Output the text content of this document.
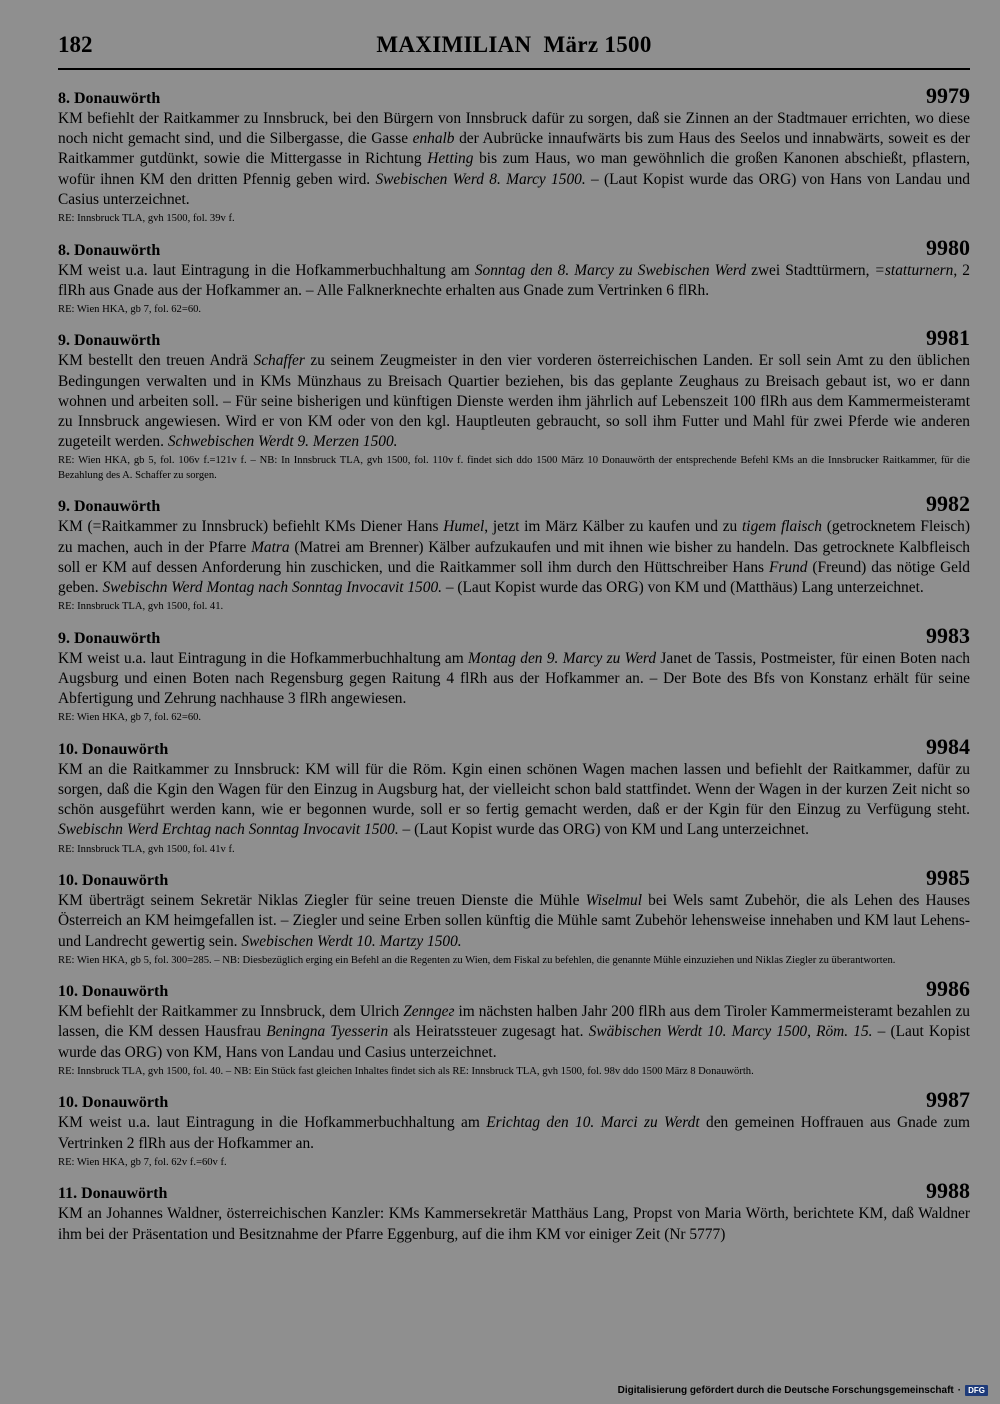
182	MAXIMILIAN März 1500
8. Donauwörth	9979
KM befiehlt der Raitkammer zu Innsbruck, bei den Bürgern von Innsbruck dafür zu sorgen, daß sie Zinnen an der Stadtmauer errichten, wo diese noch nicht gemacht sind, und die Silbergasse, die Gasse enhalb der Aubrücke innaufwärts bis zum Haus des Seelos und innabwärts, soweit es der Raitkammer gutdünkt, sowie die Mittergasse in Richtung Hetting bis zum Haus, wo man gewöhnlich die großen Kanonen abschießt, pflastern, wofür ihnen KM den dritten Pfennig geben wird. Swebischen Werd 8. Marcy 1500. – (Laut Kopist wurde das ORG) von Hans von Landau und Casius unterzeichnet.
RE: Innsbruck TLA, gvh 1500, fol. 39v f.
8. Donauwörth	9980
KM weist u.a. laut Eintragung in die Hofkammerbuchhaltung am Sonntag den 8. Marcy zu Swebischen Werd zwei Stadttürmern, =statturnern, 2 flRh aus Gnade aus der Hofkammer an. – Alle Falknerknechte erhalten aus Gnade zum Vertrinken 6 flRh.
RE: Wien HKA, gb 7, fol. 62=60.
9. Donauwörth	9981
KM bestellt den treuen Andrä Schaffer zu seinem Zeugmeister in den vier vorderen österreichischen Landen. Er soll sein Amt zu den üblichen Bedingungen verwalten und in KMs Münzhaus zu Breisach Quartier beziehen, bis das geplante Zeughaus zu Breisach gebaut ist, wo er dann wohnen und arbeiten soll. – Für seine bisherigen und künftigen Dienste werden ihm jährlich auf Lebenszeit 100 flRh aus dem Kammermeisteramt zu Innsbruck angewiesen. Wird er von KM oder von den kgl. Hauptleuten gebraucht, so soll ihm Futter und Mahl für zwei Pferde wie anderen zugeteilt werden. Schwebischen Werdt 9. Merzen 1500.
RE: Wien HKA, gb 5, fol. 106v f.=121v f. – NB: In Innsbruck TLA, gvh 1500, fol. 110v f. findet sich ddo 1500 März 10 Donauwörth der entsprechende Befehl KMs an die Innsbrucker Raitkammer, für die Bezahlung des A. Schaffer zu sorgen.
9. Donauwörth	9982
KM (=Raitkammer zu Innsbruck) befiehlt KMs Diener Hans Humel, jetzt im März Kälber zu kaufen und zu tigem flaisch (getrocknetem Fleisch) zu machen, auch in der Pfarre Matra (Matrei am Brenner) Kälber aufzukaufen und mit ihnen wie bisher zu handeln. Das getrocknete Kalbfleisch soll er KM auf dessen Anforderung hin zuschicken, und die Raitkammer soll ihm durch den Hüttschreiber Hans Frund (Freund) das nötige Geld geben. Swebischn Werd Montag nach Sonntag Invocavit 1500. – (Laut Kopist wurde das ORG) von KM und (Matthäus) Lang unterzeichnet.
RE: Innsbruck TLA, gvh 1500, fol. 41.
9. Donauwörth	9983
KM weist u.a. laut Eintragung in die Hofkammerbuchhaltung am Montag den 9. Marcy zu Werd Janet de Tassis, Postmeister, für einen Boten nach Augsburg und einen Boten nach Regensburg gegen Raitung 4 flRh aus der Hofkammer an. – Der Bote des Bfs von Konstanz erhält für seine Abfertigung und Zehrung nachhause 3 flRh angewiesen.
RE: Wien HKA, gb 7, fol. 62=60.
10. Donauwörth	9984
KM an die Raitkammer zu Innsbruck: KM will für die Röm. Kgin einen schönen Wagen machen lassen und befiehlt der Raitkammer, dafür zu sorgen, daß die Kgin den Wagen für den Einzug in Augsburg hat, der vielleicht schon bald stattfindet. Wenn der Wagen in der kurzen Zeit nicht so schön ausgeführt werden kann, wie er begonnen wurde, soll er so fertig gemacht werden, daß er der Kgin für den Einzug zu Verfügung steht. Swebischn Werd Erchtag nach Sonntag Invocavit 1500. – (Laut Kopist wurde das ORG) von KM und Lang unterzeichnet.
RE: Innsbruck TLA, gvh 1500, fol. 41v f.
10. Donauwörth	9985
KM überträgt seinem Sekretär Niklas Ziegler für seine treuen Dienste die Mühle Wiselmul bei Wels samt Zubehör, die als Lehen des Hauses Österreich an KM heimgefallen ist. – Ziegler und seine Erben sollen künftig die Mühle samt Zubehör lehensweise innehaben und KM laut Lehens- und Landrecht gewertig sein. Swebischen Werdt 10. Martzy 1500.
RE: Wien HKA, gb 5, fol. 300=285. – NB: Diesbezüglich erging ein Befehl an die Regenten zu Wien, dem Fiskal zu befehlen, die genannte Mühle einzuziehen und Niklas Ziegler zu überantworten.
10. Donauwörth	9986
KM befiehlt der Raitkammer zu Innsbruck, dem Ulrich Zenngег im nächsten halben Jahr 200 flRh aus dem Tiroler Kammermeisteramt bezahlen zu lassen, die KM dessen Hausfrau Beningna Tyesserin als Heiratssteuer zugesagt hat. Swäbischen Werdt 10. Marcy 1500, Röm. 15. – (Laut Kopist wurde das ORG) von KM, Hans von Landau und Casius unterzeichnet.
RE: Innsbruck TLA, gvh 1500, fol. 40. – NB: Ein Stück fast gleichen Inhaltes findet sich als RE: Innsbruck TLA, gvh 1500, fol. 98v ddo 1500 März 8 Donauwörth.
10. Donauwörth	9987
KM weist u.a. laut Eintragung in die Hofkammerbuchhaltung am Erichtag den 10. Marci zu Werdt den gemeinen Hoffrauen aus Gnade zum Vertrinken 2 flRh aus der Hofkammer an.
RE: Wien HKA, gb 7, fol. 62v f.=60v f.
11. Donauwörth	9988
KM an Johannes Waldner, österreichischen Kanzler: KMs Kammersekretär Matthäus Lang, Propst von Maria Wörth, berichtete KM, daß Waldner ihm bei der Präsentation und Besitznahme der Pfarre Eggenburg, auf die ihm KM vor einiger Zeit (Nr 5777)
Digitalisierung gefördert durch die Deutsche Forschungsgemeinschaft · DFG
